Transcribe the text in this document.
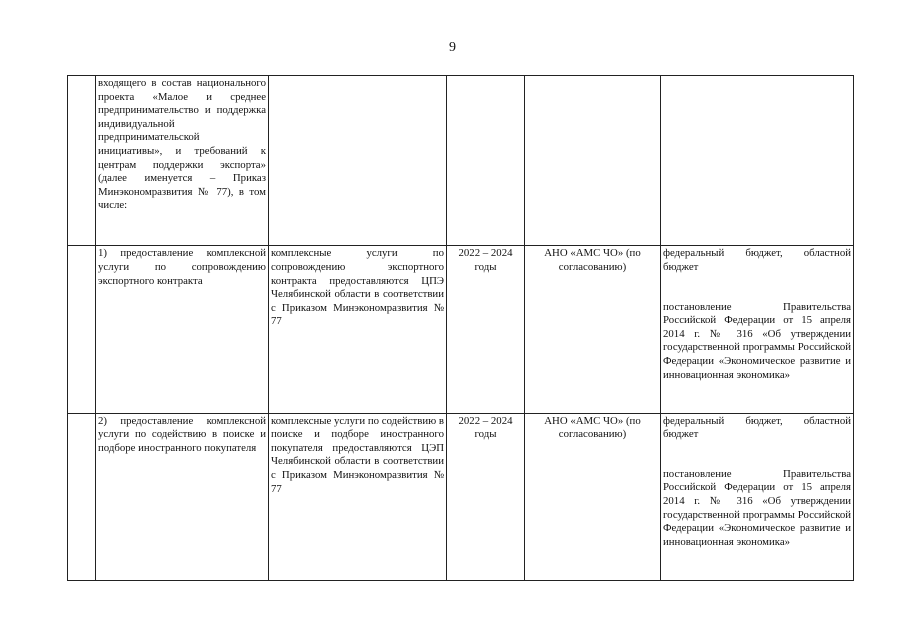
9
	входящего в состав национального проекта «Малое и среднее предпринимательство и поддержка индивидуальной предпринимательской инициативы», и требований к центрам поддержки экспорта» (далее именуется – Приказ Минэкономразвития № 77), в том числе:				
	1) предоставление комплексной услуги по сопровождению экспортного контракта	комплексные услуги по сопровождению экспортного контракта предоставляются ЦПЭ Челябинской области в соответствии с Приказом Минэкономразвития № 77	2022 – 2024 годы	АНО «АМС ЧО» (по согласованию)	федеральный бюджет, областной бюджет
постановление Правительства Российской Федерации от 15 апреля 2014 г. № 316 «Об утверждении государственной программы Российской Федерации «Экономическое развитие и инновационная экономика»

	2) предоставление комплексной услуги по содействию в поиске и подборе иностранного покупателя	комплексные услуги по содействию в поиске и подборе иностранного покупателя предоставляются ЦЭП Челябинской области в соответствии с Приказом Минэкономразвития № 77	2022 – 2024 годы	АНО «АМС ЧО» (по согласованию)	федеральный бюджет, областной бюджет
постановление Правительства Российской Федерации от 15 апреля 2014 г. № 316 «Об утверждении государственной программы Российской Федерации «Экономическое развитие и инновационная экономика»
